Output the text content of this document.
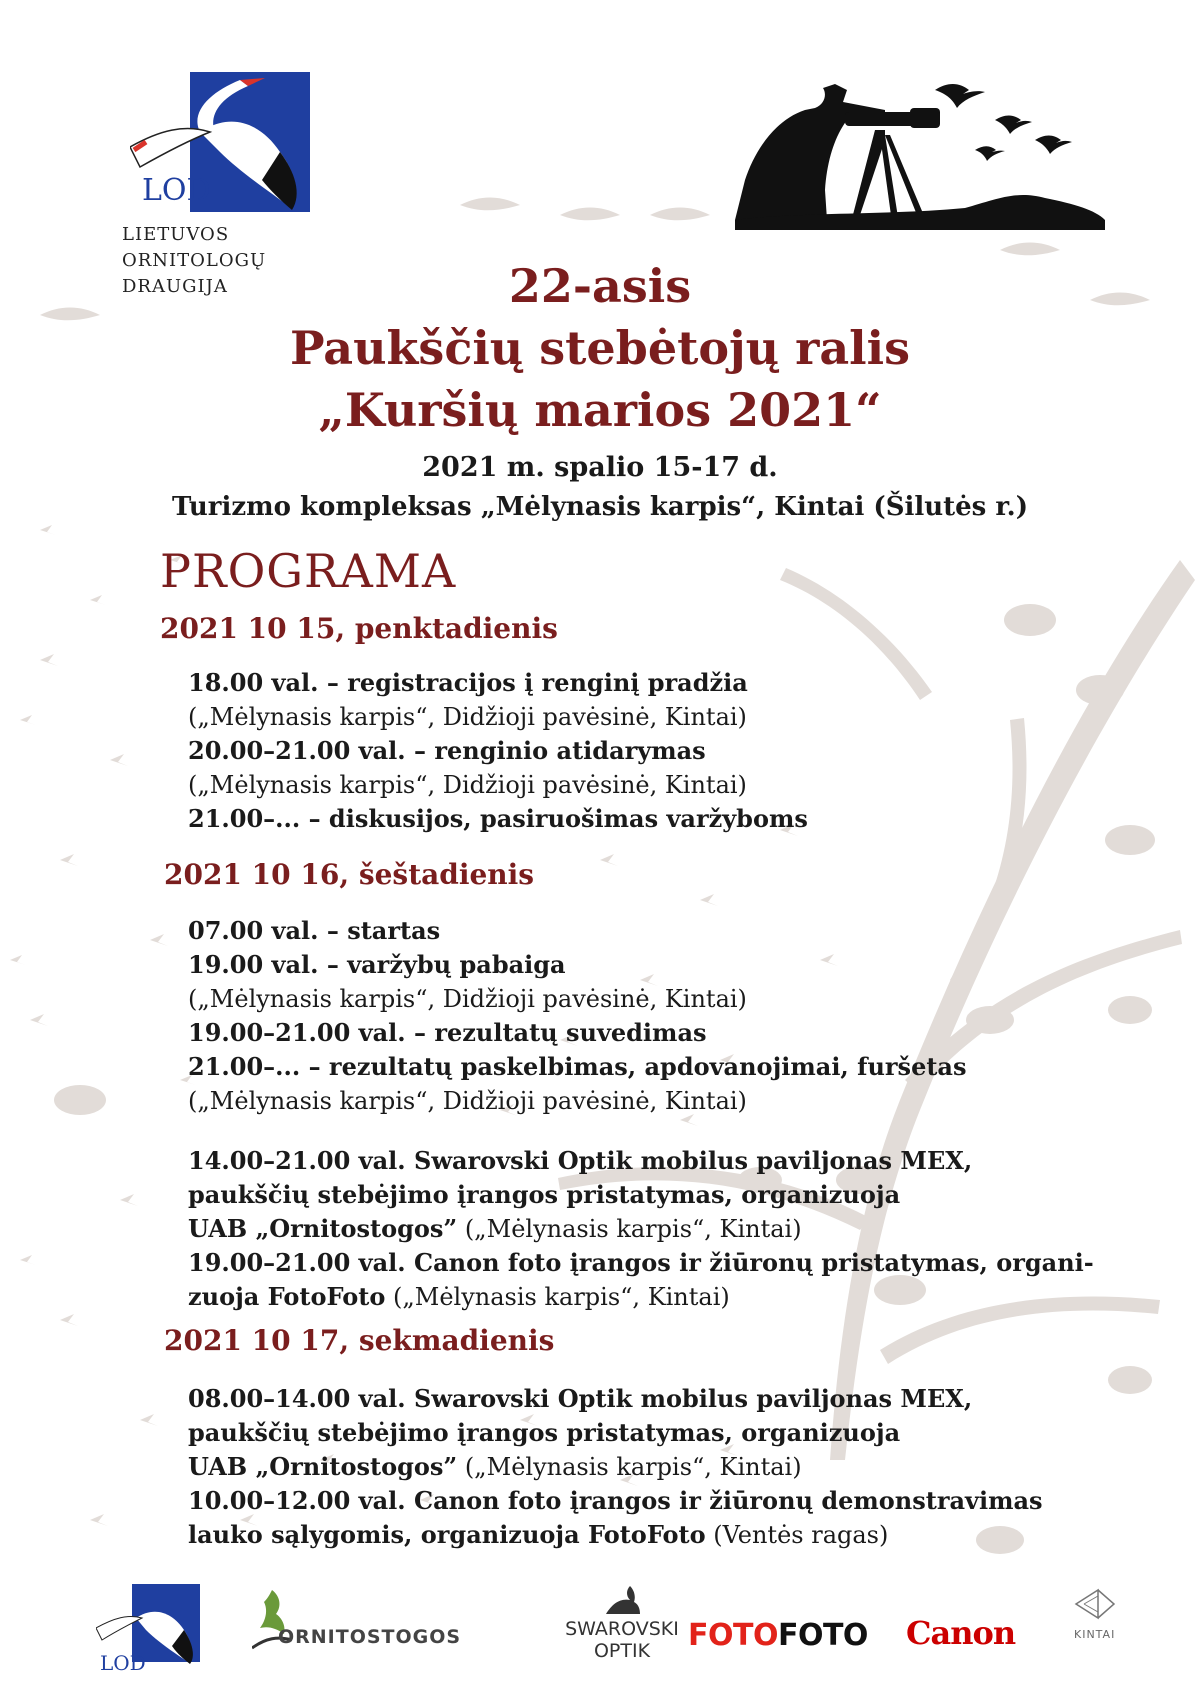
LOD
LIETUVOS
ORNITOLOGŲ
DRAUGIJA	22-asis
Paukščių stebėtojų ralis
„Kuršių marios 2021“
2021 m. spalio 15-17 d.
Turizmo kompleksas „Mėlynasis karpis“, Kintai (Šilutės r.)
PROGRAMA
2021 10 15, penktadienis
18.00 val. – registracijos į renginį pradžia
(„Mėlynasis karpis“, Didžioji pavėsinė, Kintai)
20.00–21.00 val. – renginio atidarymas
(„Mėlynasis karpis“, Didžioji pavėsinė, Kintai)
21.00–... – diskusijos, pasiruošimas varžyboms
2021 10 16, šeštadienis
07.00 val. – startas
19.00 val. – varžybų pabaiga
(„Mėlynasis karpis“, Didžioji pavėsinė, Kintai)
19.00–21.00 val. – rezultatų suvedimas
21.00–... – rezultatų paskelbimas, apdovanojimai, furšetas
(„Mėlynasis karpis“, Didžioji pavėsinė, Kintai)
14.00–21.00 val. Swarovski Optik mobilus paviljonas MEX,
paukščių stebėjimo įrangos pristatymas, organizuoja
UAB „Ornitostogos” („Mėlynasis karpis“, Kintai)
19.00–21.00 val. Canon foto įrangos ir žiūronų pristatymas, organi-
zuoja FotoFoto („Mėlynasis karpis“, Kintai)
2021 10 17, sekmadienis
08.00–14.00 val. Swarovski Optik mobilus paviljonas MEX,
paukščių stebėjimo įrangos pristatymas, organizuoja
UAB „Ornitostogos” („Mėlynasis karpis“, Kintai)
10.00–12.00 val. Canon foto įrangos ir žiūronų demonstravimas
lauko sąlygomis, organizuoja FotoFoto (Ventės ragas)
LOD
ORNITOSTOGOS	SWAROVSKI
OPTIK	FOTOFOTO Canon	KINTAI
